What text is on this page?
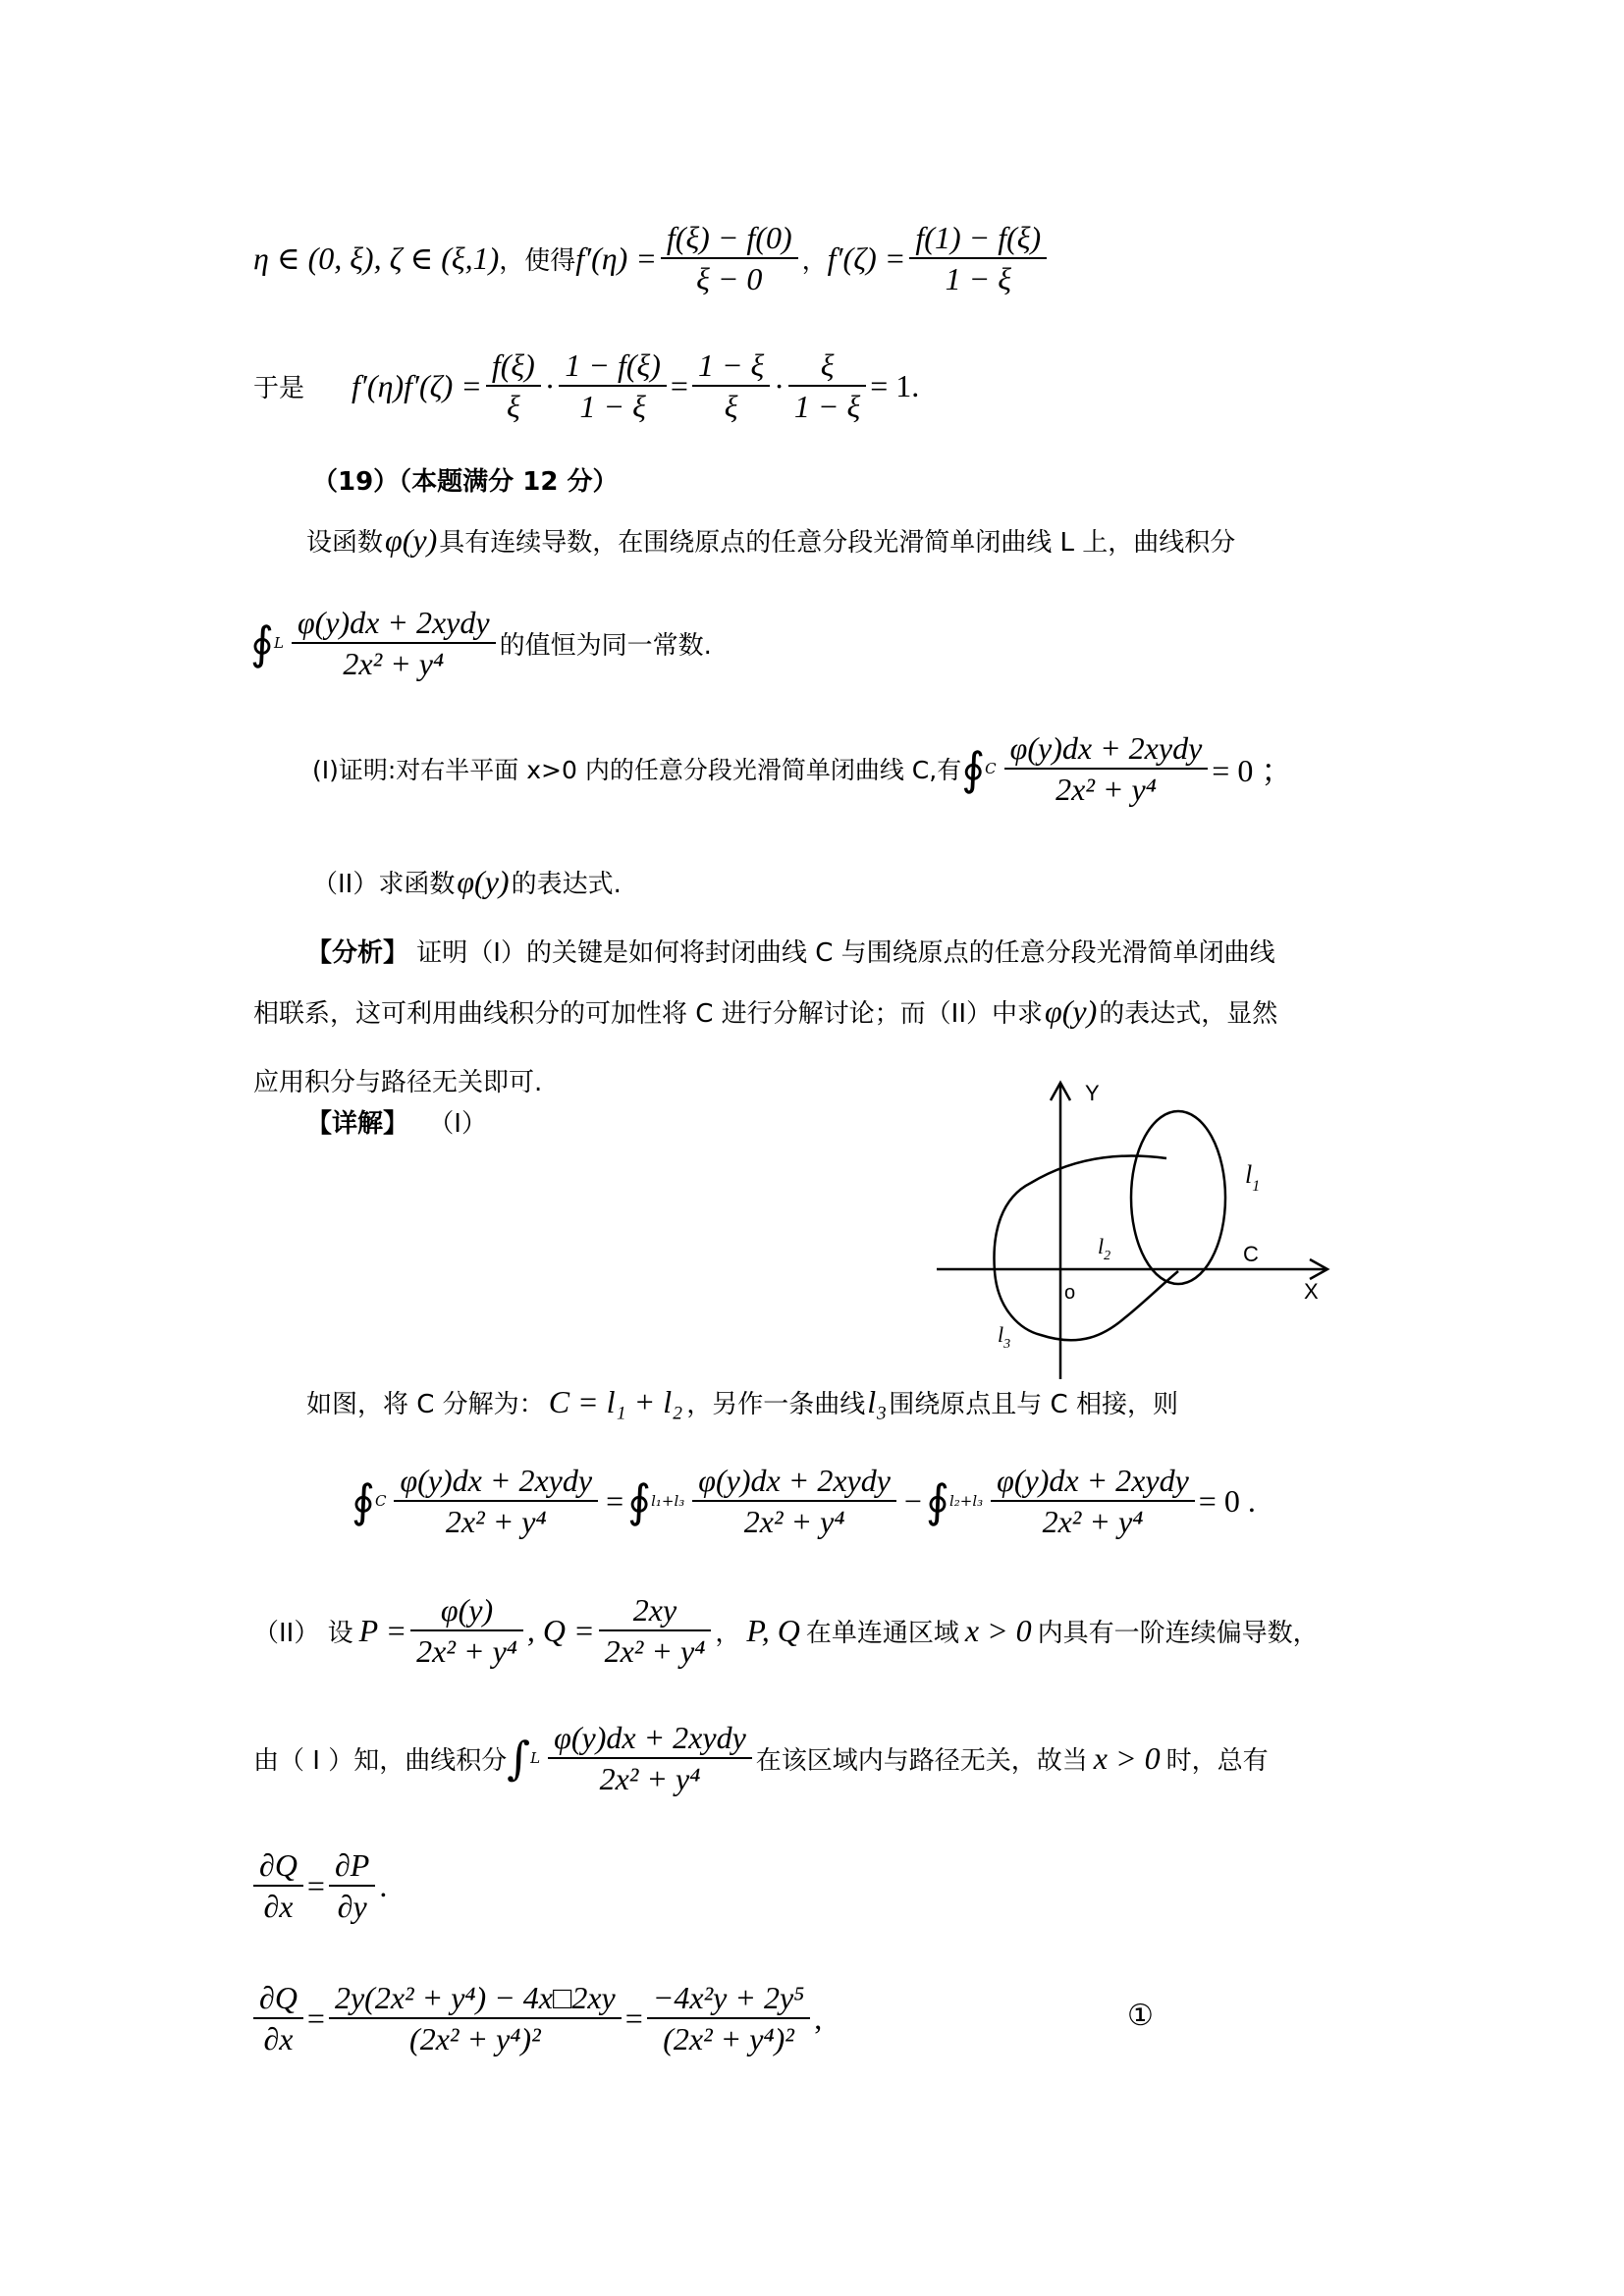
η ∈ (0, ξ), ζ ∈ (ξ,1) ，使得 $f'(\eta) = \frac{f(\xi) - f(0)}{\xi - 0}$ ， $f'(\zeta) = \frac{f(1) - f(\xi)}{1 - \xi}$
于是 $f'(\eta)f'(\zeta) = \frac{f(\xi)}{\xi} \cdot \frac{1 - f(\xi)}{1 - \xi} = \frac{1 - \xi}{\xi} \cdot \frac{\xi}{1 - \xi} = 1$.
（19）（本题满分 12 分）
设函数 φ(y) 具有连续导数，在围绕原点的任意分段光滑简单闭曲线 L 上，曲线积分
∮ L $\frac{\text{φ(y)dx + 2xydy}}{\text{2x² + y⁴}}$ 的值恒为同一常数.
(I)证明:对右半平面 x>0 内的任意分段光滑简单闭曲线 C,有 ∮ C $\frac{\text{φ(y)dx + 2xydy}}{\text{2x² + y⁴}} = 0$ ；
（II）求函数 φ(y) 的表达式.
【分析】 证明（I）的关键是如何将封闭曲线 C 与围绕原点的任意分段光滑简单闭曲线
相联系，这可利用曲线积分的可加性将 C 进行分解讨论；而（II）中求 φ(y) 的表达式，显然
应用积分与路径无关即可.
【详解】 （I）
Y
X
o
C
$l_1$
$l_2$
$l_3$
如图，将 C 分解为： C = l₁ + l₂ ，另作一条曲线 l₃ 围绕原点且与 C 相接，则
∮ C $\frac{\text{φ(y)dx + 2xydy}}{\text{2x² + y⁴}}$ = ∮ $l_1+l_3 \frac{\text{φ(y)dx + 2xydy}}{\text{2x² + y⁴}}$ − ∮ $l_2+l_3 \frac{\text{φ(y)dx + 2xydy}}{\text{2x² + y⁴}} = 0$ .
（II） 设 $P = \frac{\varphi(y)}{\text{2x² + y⁴}}$ , $Q = \frac{2xy}{\text{2x² + y⁴}}$ ， P, Q 在单连通区域 x > 0 内具有一阶连续偏导数，
由（ I ）知，曲线积分 ∫ L $\frac{\text{φ(y)dx + 2xydy}}{\text{2x² + y⁴}}$ 在该区域内与路径无关，故当 x > 0 时，总有
$\frac{\partial Q}{\partial x} = \frac{\partial P}{\partial y}$ .
$\frac{\partial Q}{\partial x} = \frac{\text{2y(2x² + y⁴) − 4x□2xy}}{\text{(2x² + y⁴)²}} = \frac{\text{−4x²y + 2y⁵}}{\text{(2x² + y⁴)²}}$ ,	①
